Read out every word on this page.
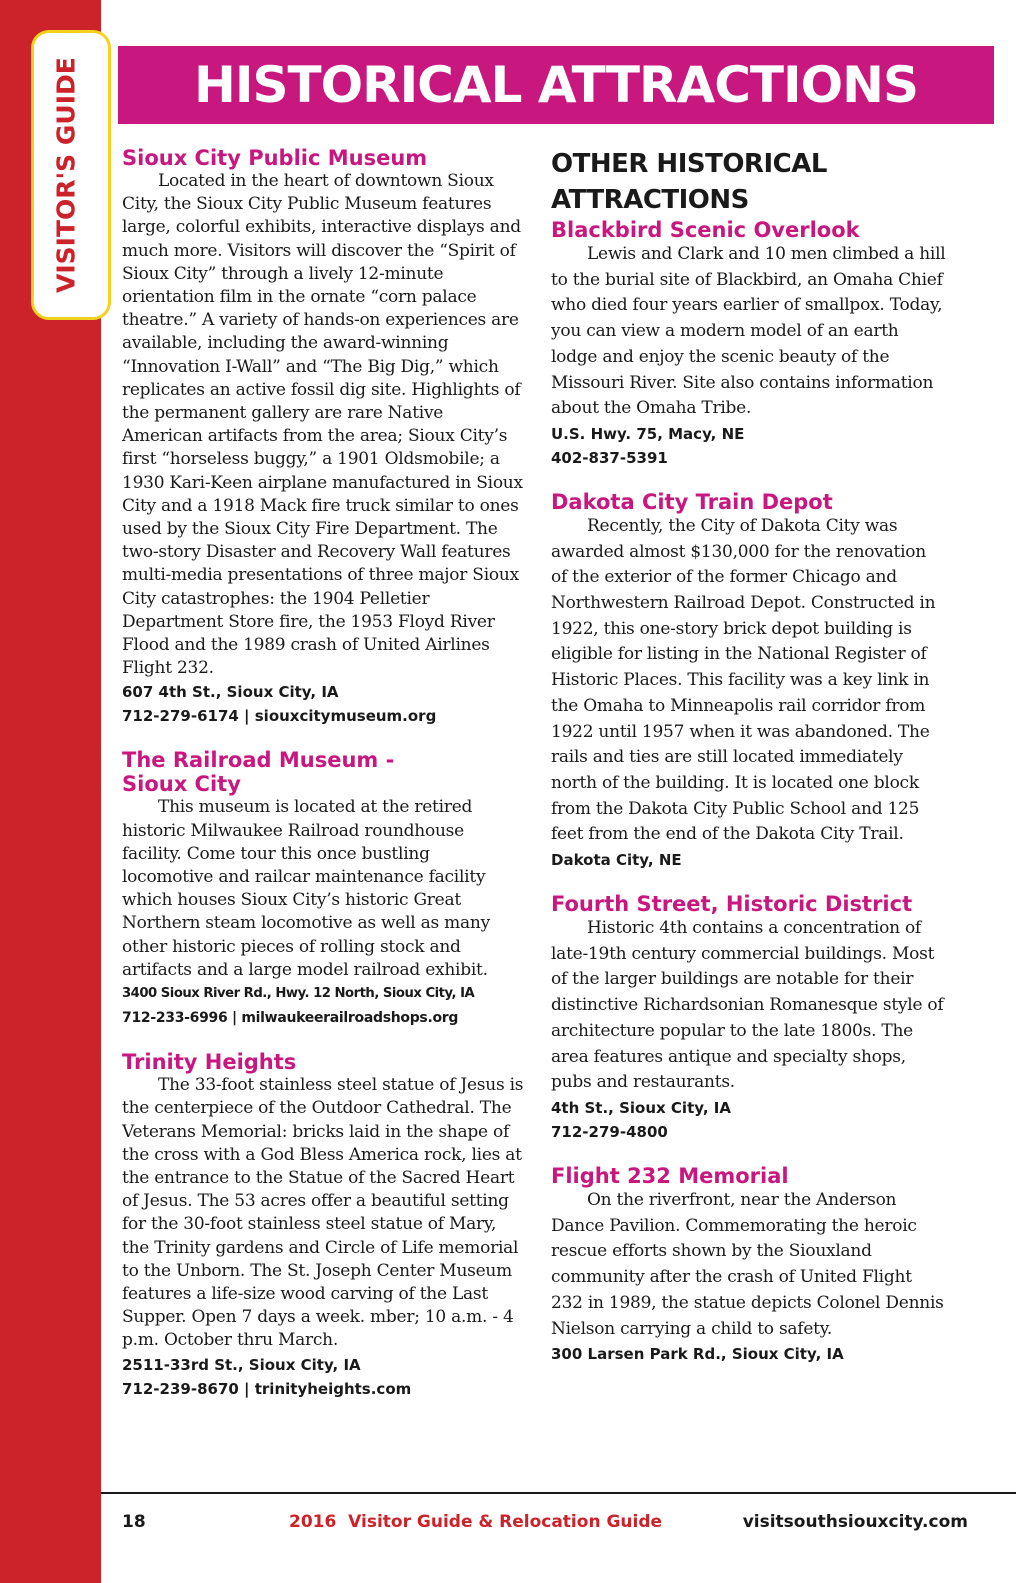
VISITOR'S GUIDE	HISTORICAL ATTRACTIONS

Sioux City Public Museum

Located in the heart of downtown Sioux City, the Sioux City Public Museum features large, colorful exhibits, interactive displays and much more. Visitors will discover the “Spirit of Sioux City” through a lively 12-minute orientation film in the ornate “corn palace theatre.” A variety of hands-on experiences are available, including the award-winning “Innovation I-Wall” and “The Big Dig,” which replicates an active fossil dig site. Highlights of the permanent gallery are rare Native American artifacts from the area; Sioux City’s first “horseless buggy,” a 1901 Oldsmobile; a 1930 Kari-Keen airplane manufactured in Sioux City and a 1918 Mack fire truck similar to ones used by the Sioux City Fire Department. The two-story Disaster and Recovery Wall features multi-media presentations of three major Sioux City catastrophes: the 1904 Pelletier Department Store fire, the 1953 Floyd River Flood and the 1989 crash of United Airlines Flight 232.

607 4th St., Sioux City, IA

712-279-6174 | siouxcitymuseum.org

The Railroad Museum - Sioux City

This museum is located at the retired historic Milwaukee Railroad roundhouse facility. Come tour this once bustling locomotive and railcar maintenance facility which houses Sioux City’s historic Great Northern steam locomotive as well as many other historic pieces of rolling stock and artifacts and a large model railroad exhibit.

3400 Sioux River Rd., Hwy. 12 North, Sioux City, IA

712-233-6996 | milwaukeerailroadshops.org

Trinity Heights

The 33-foot stainless steel statue of Jesus is the centerpiece of the Outdoor Cathedral. The Veterans Memorial: bricks laid in the shape of the cross with a God Bless America rock, lies at the entrance to the Statue of the Sacred Heart of Jesus. The 53 acres offer a beautiful setting for the 30-foot stainless steel statue of Mary, the Trinity gardens and Circle of Life memorial to the Unborn. The St. Joseph Center Museum features a life-size wood carving of the Last Supper. Open 7 days a week. mber; 10 a.m. - 4 p.m. October thru March.

2511-33rd St., Sioux City, IA

712-239-8670 | trinityheights.com

OTHER HISTORICAL ATTRACTIONS

Blackbird Scenic Overlook

Lewis and Clark and 10 men climbed a hill to the burial site of Blackbird, an Omaha Chief who died four years earlier of smallpox. Today, you can view a modern model of an earth lodge and enjoy the scenic beauty of the Missouri River. Site also contains information about the Omaha Tribe.

U.S. Hwy. 75, Macy, NE

402-837-5391

Dakota City Train Depot

Recently, the City of Dakota City was awarded almost $130,000 for the renovation of the exterior of the former Chicago and Northwestern Railroad Depot. Constructed in 1922, this one-story brick depot building is eligible for listing in the National Register of Historic Places. This facility was a key link in the Omaha to Minneapolis rail corridor from 1922 until 1957 when it was abandoned. The rails and ties are still located immediately north of the building. It is located one block from the Dakota City Public School and 125 feet from the end of the Dakota City Trail.

Dakota City, NE

Fourth Street, Historic District

Historic 4th contains a concentration of late-19th century commercial buildings. Most of the larger buildings are notable for their distinctive Richardsonian Romanesque style of architecture popular to the late 1800s. The area features antique and specialty shops, pubs and restaurants.

4th St., Sioux City, IA

712-279-4800

Flight 232 Memorial

On the riverfront, near the Anderson Dance Pavilion. Commemorating the heroic rescue efforts shown by the Siouxland community after the crash of United Flight 232 in 1989, the statue depicts Colonel Dennis Nielson carrying a child to safety.

300 Larsen Park Rd., Sioux City, IA

18	2016  Visitor Guide & Relocation Guide	visitsouthsiouxcity.com
